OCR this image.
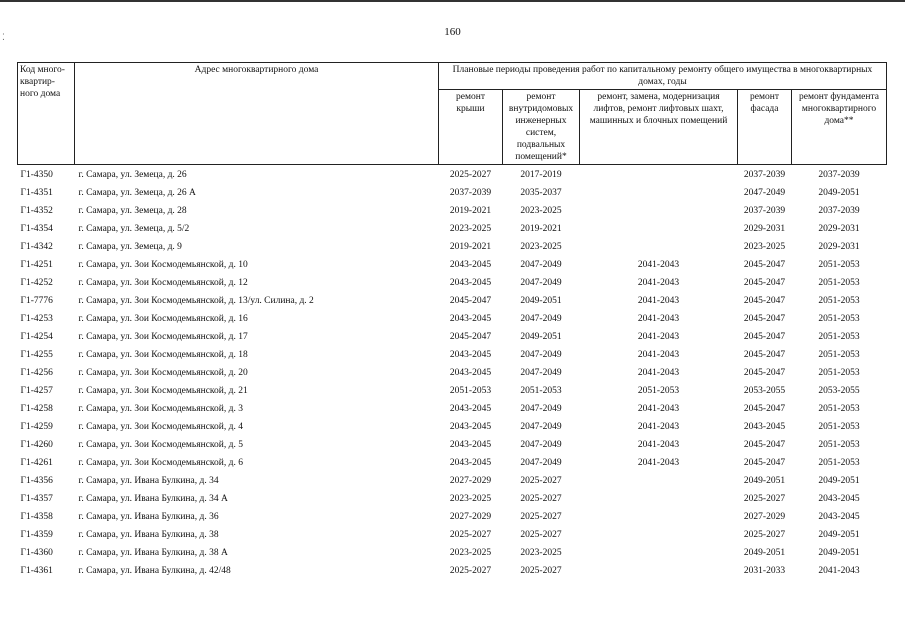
⁚	160
Код много-квартир-ного дома	Адрес многоквартирного дома	Плановые периоды проведения работ по капитальному ремонту общего имущества в многоквартирных домах, годы				
		ремонт крыши	ремонт внутридомовых инженерных систем, подвальных помещений*	ремонт, замена, модернизация лифтов, ремонт лифтовых шахт, машинных и блочных помещений	ремонт фасада	ремонт фундамента многоквартирного дома**
Г1-4350	г. Самара, ул. Земеца, д. 26	2025-2027	2017-2019		2037-2039	2037-2039
Г1-4351	г. Самара, ул. Земеца, д. 26 А	2037-2039	2035-2037		2047-2049	2049-2051
Г1-4352	г. Самара, ул. Земеца, д. 28	2019-2021	2023-2025		2037-2039	2037-2039
Г1-4354	г. Самара, ул. Земеца, д. 5/2	2023-2025	2019-2021		2029-2031	2029-2031
Г1-4342	г. Самара, ул. Земеца, д. 9	2019-2021	2023-2025		2023-2025	2029-2031
Г1-4251	г. Самара, ул. Зои Космодемьянской, д. 10	2043-2045	2047-2049	2041-2043	2045-2047	2051-2053
Г1-4252	г. Самара, ул. Зои Космодемьянской, д. 12	2043-2045	2047-2049	2041-2043	2045-2047	2051-2053
Г1-7776	г. Самара, ул. Зои Космодемьянской, д. 13/ул. Силина, д. 2	2045-2047	2049-2051	2041-2043	2045-2047	2051-2053
Г1-4253	г. Самара, ул. Зои Космодемьянской, д. 16	2043-2045	2047-2049	2041-2043	2045-2047	2051-2053
Г1-4254	г. Самара, ул. Зои Космодемьянской, д. 17	2045-2047	2049-2051	2041-2043	2045-2047	2051-2053
Г1-4255	г. Самара, ул. Зои Космодемьянской, д. 18	2043-2045	2047-2049	2041-2043	2045-2047	2051-2053
Г1-4256	г. Самара, ул. Зои Космодемьянской, д. 20	2043-2045	2047-2049	2041-2043	2045-2047	2051-2053
Г1-4257	г. Самара, ул. Зои Космодемьянской, д. 21	2051-2053	2051-2053	2051-2053	2053-2055	2053-2055
Г1-4258	г. Самара, ул. Зои Космодемьянской, д. 3	2043-2045	2047-2049	2041-2043	2045-2047	2051-2053
Г1-4259	г. Самара, ул. Зои Космодемьянской, д. 4	2043-2045	2047-2049	2041-2043	2043-2045	2051-2053
Г1-4260	г. Самара, ул. Зои Космодемьянской, д. 5	2043-2045	2047-2049	2041-2043	2045-2047	2051-2053
Г1-4261	г. Самара, ул. Зои Космодемьянской, д. 6	2043-2045	2047-2049	2041-2043	2045-2047	2051-2053
Г1-4356	г. Самара, ул. Ивана Булкина, д. 34	2027-2029	2025-2027		2049-2051	2049-2051
Г1-4357	г. Самара, ул. Ивана Булкина, д. 34 А	2023-2025	2025-2027		2025-2027	2043-2045
Г1-4358	г. Самара, ул. Ивана Булкина, д. 36	2027-2029	2025-2027		2027-2029	2043-2045
Г1-4359	г. Самара, ул. Ивана Булкина, д. 38	2025-2027	2025-2027		2025-2027	2049-2051
Г1-4360	г. Самара, ул. Ивана Булкина, д. 38 А	2023-2025	2023-2025		2049-2051	2049-2051
Г1-4361	г. Самара, ул. Ивана Булкина, д. 42/48	2025-2027	2025-2027		2031-2033	2041-2043
